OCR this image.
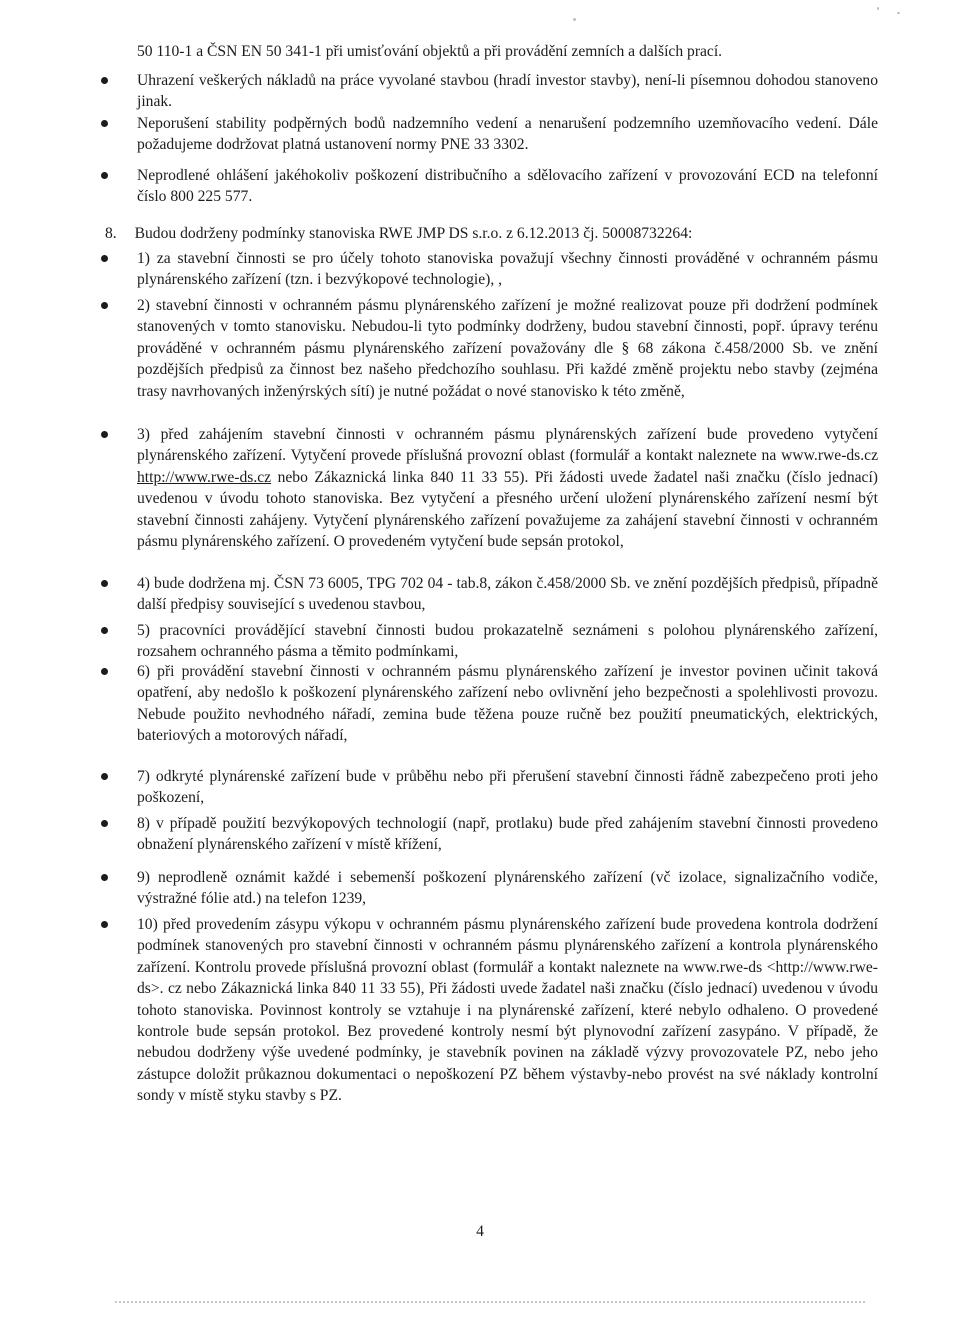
50 110-1 a ČSN EN 50 341-1 při umisťování objektů a při provádění zemních a dalších prací.
Uhrazení veškerých nákladů na práce vyvolané stavbou (hradí investor stavby), není-li písemnou dohodou stanoveno jinak.
Neporušení stability podpěrných bodů nadzemního vedení a nenarušení podzemního uzemňovacího vedení. Dále požadujeme dodržovat platná ustanovení normy PNE 33 3302.
Neprodlené ohlášení jakéhokoliv poškození distribučního a sdělovacího zařízení v provozování ECD na telefonní číslo 800 225 577.
8. Budou dodrženy podmínky stanoviska RWE JMP DS s.r.o. z 6.12.2013 čj. 50008732264:
1) za stavební činnosti se pro účely tohoto stanoviska považují všechny činnosti prováděné v ochranném pásmu plynárenského zařízení (tzn. i bezvýkopové technologie), ,
2) stavební činnosti v ochranném pásmu plynárenského zařízení je možné realizovat pouze při dodržení podmínek stanovených v tomto stanovisku. Nebudou-li tyto podmínky dodrženy, budou stavební činnosti, popř. úpravy terénu prováděné v ochranném pásmu plynárenského zařízení považovány dle § 68 zákona č.458/2000 Sb. ve znění pozdějších předpisů za činnost bez našeho předchozího souhlasu. Při každé změně projektu nebo stavby (zejména trasy navrhovaných inženýrských sítí) je nutné požádat o nové stanovisko k této změně,
3) před zahájením stavební činnosti v ochranném pásmu plynárenských zařízení bude provedeno vytyčení plynárenského zařízení. Vytyčení provede příslušná provozní oblast (formulář a kontakt naleznete na www.rwe-ds.cz http://www.rwe-ds.cz nebo Zákaznická linka 840 11 33 55). Při žádosti uvede žadatel naši značku (číslo jednací) uvedenou v úvodu tohoto stanoviska. Bez vytyčení a přesného určení uložení plynárenského zařízení nesmí být stavební činnosti zahájeny. Vytyčení plynárenského zařízení považujeme za zahájení stavební činnosti v ochranném pásmu plynárenského zařízení. O provedeném vytyčení bude sepsán protokol,
4) bude dodržena mj. ČSN 73 6005, TPG 702 04 - tab.8, zákon č.458/2000 Sb. ve znění pozdějších předpisů, případně další předpisy související s uvedenou stavbou,
5) pracovníci provádějící stavební činnosti budou prokazatelně seznámeni s polohou plynárenského zařízení, rozsahem ochranného pásma a těmito podmínkami,
6) při provádění stavební činnosti v ochranném pásmu plynárenského zařízení je investor povinen učinit taková opatření, aby nedošlo k poškození plynárenského zařízení nebo ovlivnění jeho bezpečnosti a spolehlivosti provozu. Nebude použito nevhodného nářadí, zemina bude těžena pouze ručně bez použití pneumatických, elektrických, bateriových a motorových nářadí,
7) odkryté plynárenské zařízení bude v průběhu nebo při přerušení stavební činnosti řádně zabezpečeno proti jeho poškození,
8) v případě použití bezvýkopových technologií (např, protlaku) bude před zahájením stavební činnosti provedeno obnažení plynárenského zařízení v místě křížení,
9) neprodleně oznámit každé i sebemenší poškození plynárenského zařízení (vč izolace, signalizačního vodiče, výstražné fólie atd.) na telefon 1239,
10) před provedením zásypu výkopu v ochranném pásmu plynárenského zařízení bude provedena kontrola dodržení podmínek stanovených pro stavební činnosti v ochranném pásmu plynárenského zařízení a kontrola plynárenského zařízení. Kontrolu provede příslušná provozní oblast (formulář a kontakt naleznete na www.rwe-ds <http://www.rwe-ds>. cz nebo Zákaznická linka 840 11 33 55), Při žádosti uvede žadatel naši značku (číslo jednací) uvedenou v úvodu tohoto stanoviska. Povinnost kontroly se vztahuje i na plynárenské zařízení, které nebylo odhaleno. O provedené kontrole bude sepsán protokol. Bez provedené kontroly nesmí být plynovodní zařízení zasypáno. V případě, že nebudou dodrženy výše uvedené podmínky, je stavebník povinen na základě výzvy provozovatele PZ, nebo jeho zástupce doložit průkaznou dokumentaci o nepoškození PZ během výstavby-nebo provést na své náklady kontrolní sondy v místě styku stavby s PZ.
4
